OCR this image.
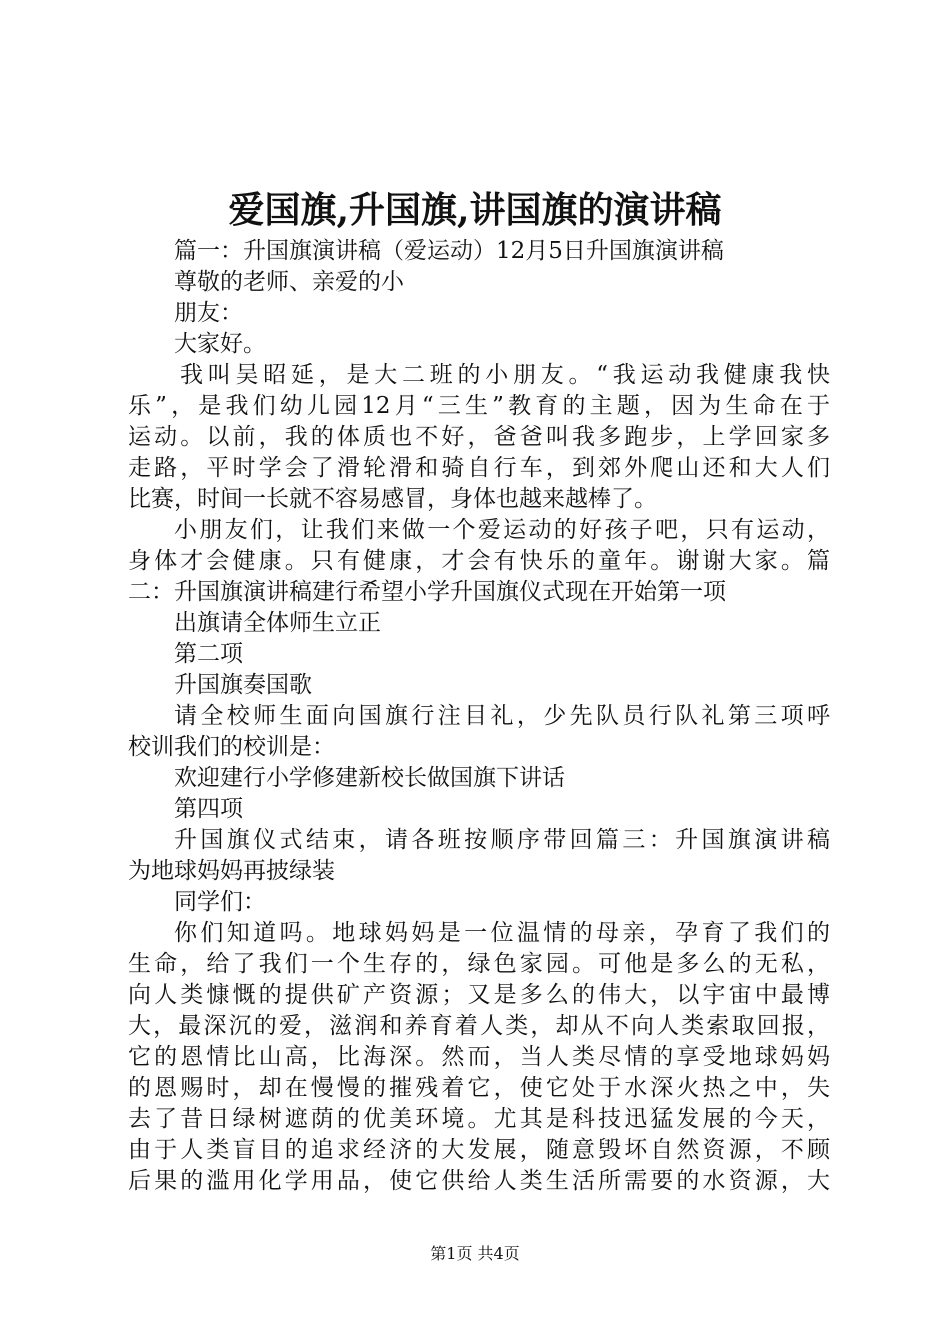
爱国旗,升国旗,讲国旗的演讲稿
篇一：升国旗演讲稿（爱运动）12月5日升国旗演讲稿
尊敬的老师、亲爱的小
朋友：
大家好。
我叫吴昭延，是大二班的小朋友。“我运动我健康我快
乐”，是我们幼儿园12月“三生”教育的主题，因为生命在于
运动。以前，我的体质也不好，爸爸叫我多跑步，上学回家多
走路，平时学会了滑轮滑和骑自行车，到郊外爬山还和大人们
比赛，时间一长就不容易感冒，身体也越来越棒了。
小朋友们，让我们来做一个爱运动的好孩子吧，只有运动，
身体才会健康。只有健康，才会有快乐的童年。谢谢大家。篇
二：升国旗演讲稿建行希望小学升国旗仪式现在开始第一项
出旗请全体师生立正
第二项
升国旗奏国歌
请全校师生面向国旗行注目礼，少先队员行队礼第三项呼
校训我们的校训是：
欢迎建行小学修建新校长做国旗下讲话
第四项
升国旗仪式结束，请各班按顺序带回篇三：升国旗演讲稿
为地球妈妈再披绿装
同学们：
你们知道吗。地球妈妈是一位温情的母亲，孕育了我们的
生命，给了我们一个生存的，绿色家园。可他是多么的无私，
向人类慷慨的提供矿产资源；又是多么的伟大，以宇宙中最博
大，最深沉的爱，滋润和养育着人类，却从不向人类索取回报，
它的恩情比山高，比海深。然而，当人类尽情的享受地球妈妈
的恩赐时，却在慢慢的摧残着它，使它处于水深火热之中，失
去了昔日绿树遮荫的优美环境。尤其是科技迅猛发展的今天，
由于人类盲目的追求经济的大发展，随意毁坏自然资源，不顾
后果的滥用化学用品，使它供给人类生活所需要的水资源，大
第1页 共4页
